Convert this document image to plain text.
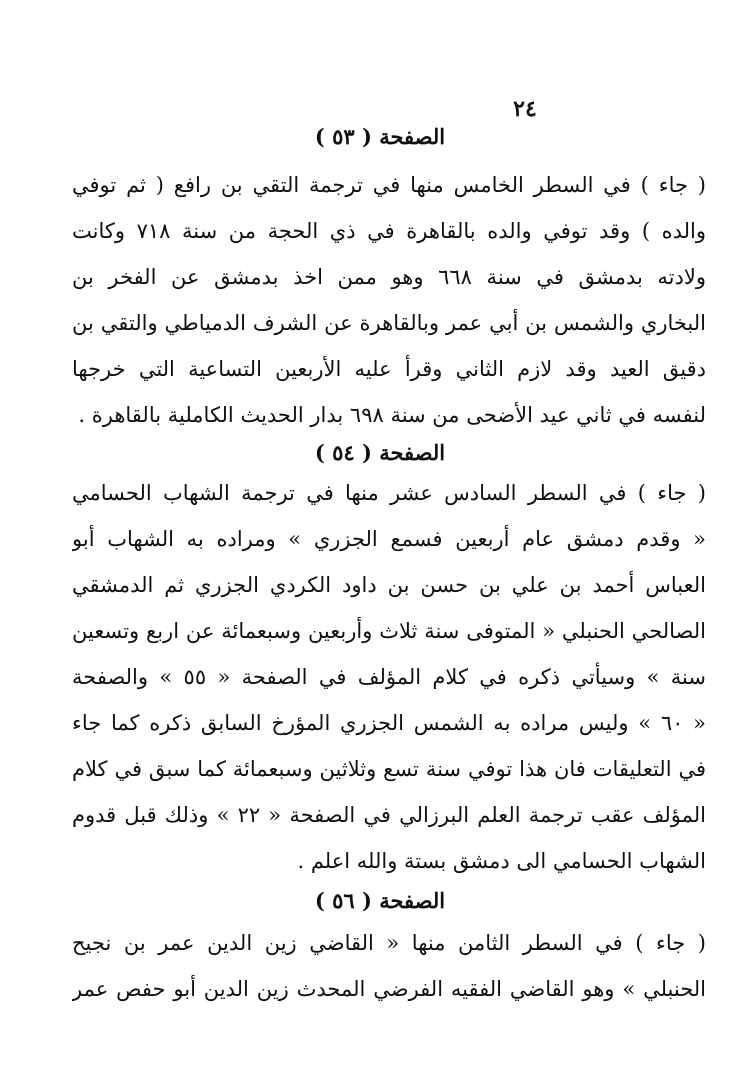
٢٤
الصفحة ( ٥٣ )
( جاء ) في السطر الخامس منها في ترجمة التقي بن رافع ( ثم توفي
والده ) وقد توفي والده بالقاهرة في ذي الحجة من سنة ٧١٨ وكانت
ولادته بدمشق في سنة ٦٦٨ وهو ممن اخذ بدمشق عن الفخر بن
البخاري والشمس بن أبي عمر وبالقاهرة عن الشرف الدمياطي والتقي بن
دقيق العيد وقد لازم الثاني وقرأ عليه الأربعين التساعية التي خرجها
لنفسه في ثاني عيد الأضحى من سنة ٦٩٨ بدار الحديث الكاملية بالقاهرة .
الصفحة ( ٥٤ )
( جاء ) في السطر السادس عشر منها في ترجمة الشهاب الحسامي
« وقدم دمشق عام أربعين فسمع الجزري » ومراده به الشهاب أبو
العباس أحمد بن علي بن حسن بن داود الكردي الجزري ثم الدمشقي
الصالحي الحنبلي « المتوفى سنة ثلاث وأربعين وسبعمائة عن اربع وتسعين
سنة » وسيأتي ذكره في كلام المؤلف في الصفحة « ٥٥ » والصفحة
« ٦٠ » وليس مراده به الشمس الجزري المؤرخ السابق ذكره كما جاء
في التعليقات فان هذا توفي سنة تسع وثلاثين وسبعمائة كما سبق في كلام
المؤلف عقب ترجمة العلم البرزالي في الصفحة « ٢٢ » وذلك قبل قدوم
الشهاب الحسامي الى دمشق بستة والله اعلم .
الصفحة ( ٥٦ )
( جاء ) في السطر الثامن منها « القاضي زين الدين عمر بن نجيح
الحنبلي » وهو القاضي الفقيه الفرضي المحدث زين الدين أبو حفص عمر
